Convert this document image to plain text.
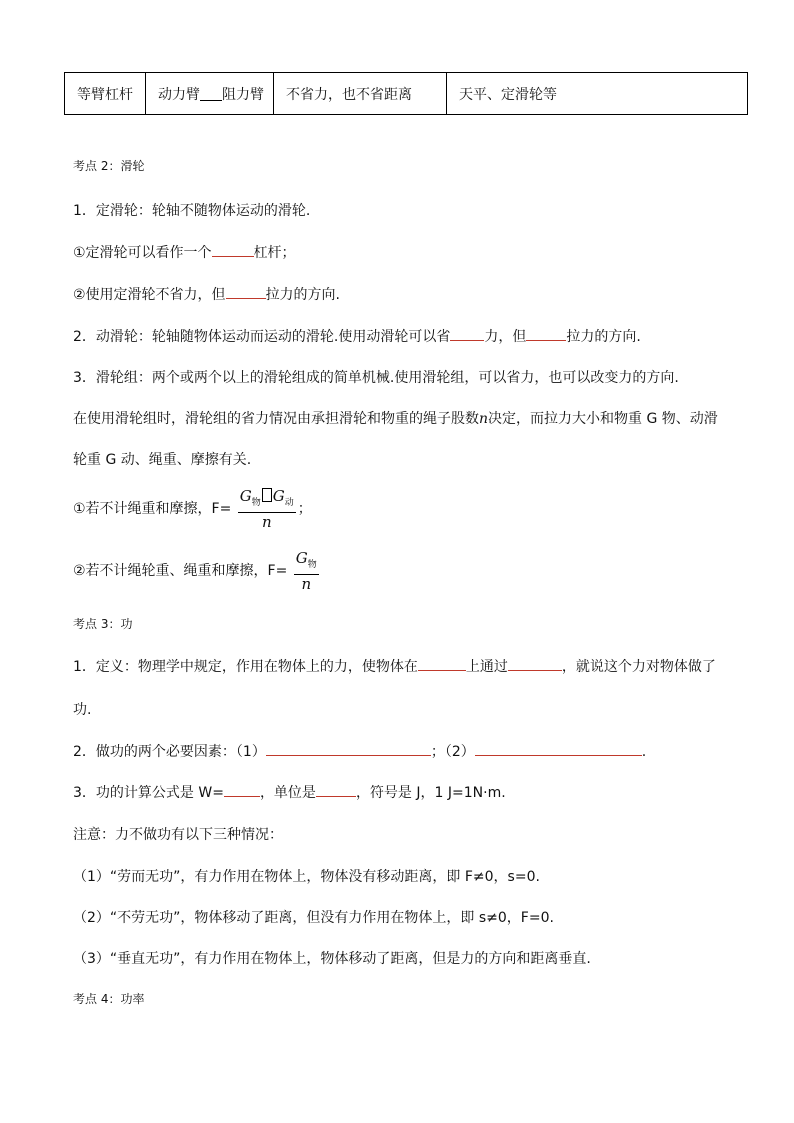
等臂杠杆	动力臂 阻力臂	不省力，也不省距离	天平、定滑轮等
考点 2：滑轮
1．定滑轮：轮轴不随物体运动的滑轮.
①定滑轮可以看作一个	杠杆；
②使用定滑轮不省力，但	拉力的方向.
2．动滑轮：轮轴随物体运动而运动的滑轮.使用动滑轮可以省 力，但	拉力的方向.
3．滑轮组：两个或两个以上的滑轮组成的简单机械.使用滑轮组，可以省力，也可以改变力的方向.
在使用滑轮组时，滑轮组的省力情况由承担滑轮和物重的绳子股数n决定，而拉力大小和物重 G 物、动滑
轮重 G 动、绳重、摩擦有关.
①若不计绳重和摩擦，$F= \frac{G_物 G_动}{n}$ ；
②若不计绳轮重、绳重和摩擦，$F= \frac{G_物}{n}$
考点 3：功
1．定义：物理学中规定，作用在物体上的力，使物体在	上通过	，就说这个力对物体做了
功.
2．做功的两个必要因素：（1）	；（2）	.
3．功的计算公式是 W=	，单位是	，符号是 J，1 J=1N·m.
注意：力不做功有以下三种情况：
（1）“劳而无功”，有力作用在物体上，物体没有移动距离，即 F≠0，s=0.
（2）“不劳无功”，物体移动了距离，但没有力作用在物体上，即 s≠0，F=0.
（3）“垂直无功”，有力作用在物体上，物体移动了距离，但是力的方向和距离垂直.
考点 4：功率
